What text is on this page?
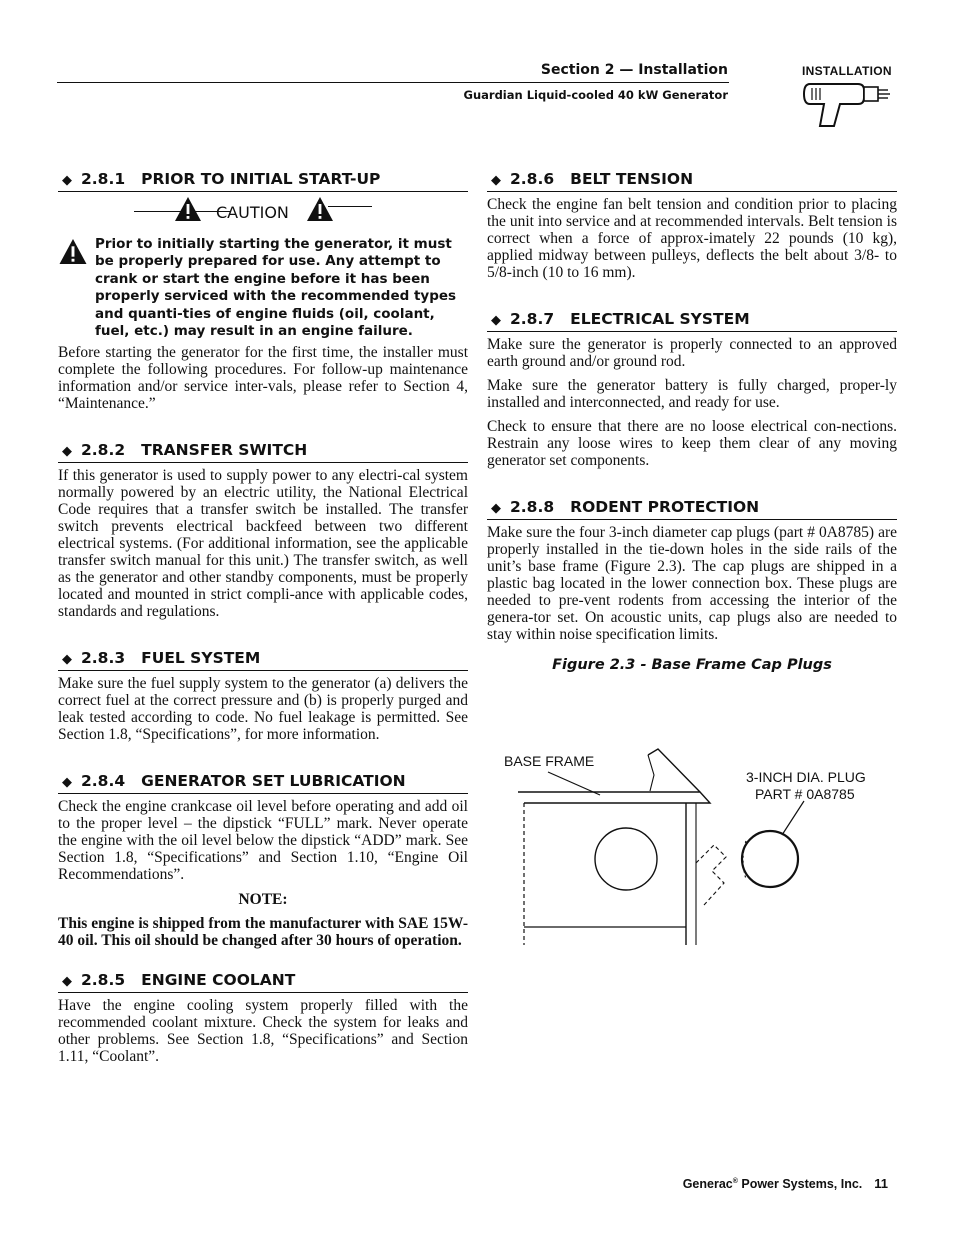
Section 2 — Installation
Guardian Liquid-cooled 40 kW Generator
INSTALLATION
◆ 2.8.1 PRIOR TO INITIAL START-UP
CAUTION
Prior to initially starting the generator, it must be properly prepared for use. Any attempt to crank or start the engine before it has been properly serviced with the recommended types and quanti-ties of engine fluids (oil, coolant, fuel, etc.) may result in an engine failure.

Before starting the generator for the first time, the installer must complete the following procedures. For follow-up maintenance information and/or service inter-vals, please refer to Section 4, “Maintenance.”

◆ 2.8.2 TRANSFER SWITCH

If this generator is used to supply power to any electri-cal system normally powered by an electric utility, the National Electrical Code requires that a transfer switch be installed. The transfer switch prevents electrical backfeed between two different electrical systems. (For additional information, see the applicable transfer switch manual for this unit.) The transfer switch, as well as the generator and other standby components, must be properly located and mounted in strict compli-ance with applicable codes, standards and regulations.

◆ 2.8.3 FUEL SYSTEM

Make sure the fuel supply system to the generator (a) delivers the correct fuel at the correct pressure and (b) is properly purged and leak tested according to code. No fuel leakage is permitted. See Section 1.8, “Specifications”, for more information.

◆ 2.8.4 GENERATOR SET LUBRICATION

Check the engine crankcase oil level before operating and add oil to the proper level – the dipstick “FULL” mark. Never operate the engine with the oil level below the dipstick “ADD” mark. See Section 1.8, “Specifications” and Section 1.10, “Engine Oil Recommendations”.

NOTE:

This engine is shipped from the manufacturer with SAE 15W-40 oil. This oil should be changed after 30 hours of operation.

◆ 2.8.5 ENGINE COOLANT

Have the engine cooling system properly filled with the recommended coolant mixture. Check the system for leaks and other problems. See Section 1.8, “Specifications” and Section 1.11, “Coolant”.

◆ 2.8.6 BELT TENSION

Check the engine fan belt tension and condition prior to placing the unit into service and at recommended intervals. Belt tension is correct when a force of approx-imately 22 pounds (10 kg), applied midway between pulleys, deflects the belt about 3/8- to 5/8-inch (10 to 16 mm).

◆ 2.8.7 ELECTRICAL SYSTEM

Make sure the generator is properly connected to an approved earth ground and/or ground rod.

Make sure the generator battery is fully charged, proper-ly installed and interconnected, and ready for use.

Check to ensure that there are no loose electrical con-nections. Restrain any loose wires to keep them clear of any moving generator set components.

◆ 2.8.8 RODENT PROTECTION

Make sure the four 3-inch diameter cap plugs (part # 0A8785) are properly installed in the tie-down holes in the side rails of the unit’s base frame (Figure 2.3). The cap plugs are shipped in a plastic bag located in the lower connection box. These plugs are needed to pre-vent rodents from accessing the interior of the genera-tor set. On acoustic units, cap plugs also are needed to stay within noise specification limits.

Figure 2.3 - Base Frame Cap Plugs
BASE FRAME
3-INCH DIA. PLUG
PART # 0A8785
Generac® Power Systems, Inc. 11
